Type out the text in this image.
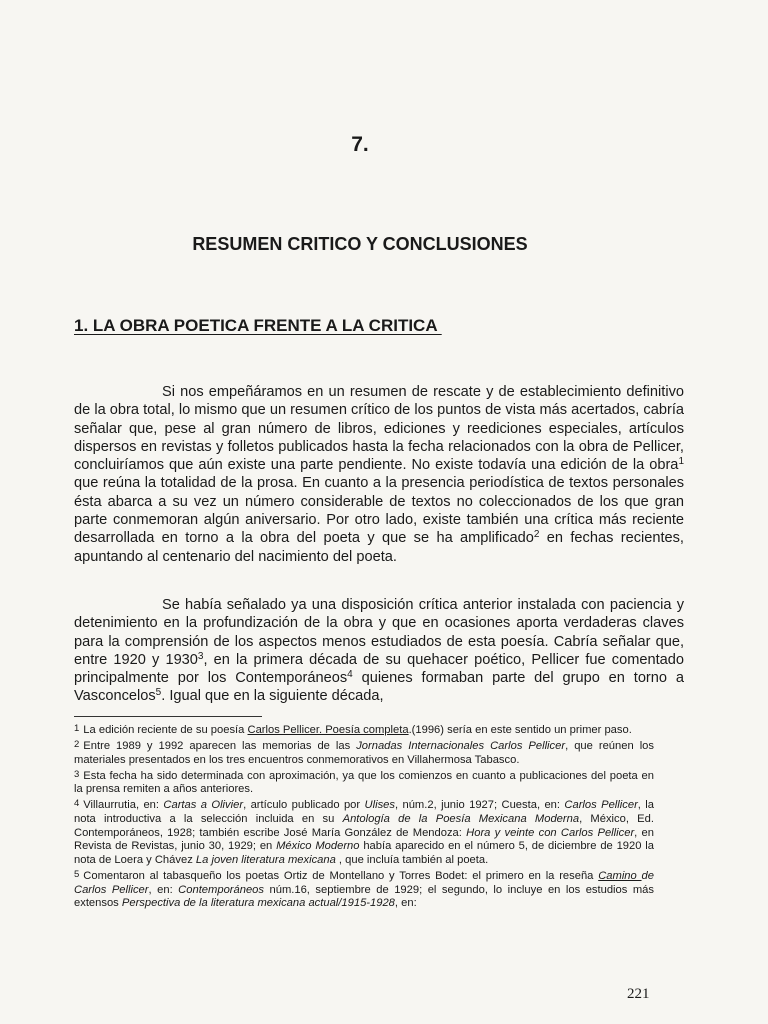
7.
RESUMEN CRITICO Y CONCLUSIONES
1. LA OBRA POETICA FRENTE A LA CRITICA

Si nos empeñáramos en un resumen de rescate y de establecimiento definitivo de la obra total, lo mismo que un resumen crítico de los puntos de vista más acertados, cabría señalar que, pese al gran número de libros, ediciones y reediciones especiales, artículos dispersos en revistas y folletos publicados hasta la fecha relacionados con la obra de Pellicer, concluiríamos que aún existe una parte pendiente. No existe todavía una edición de la obra$^1$ que reúna la totalidad de la prosa. En cuanto a la presencia periodística de textos personales ésta abarca a su vez un número considerable de textos no coleccionados de los que gran parte conmemoran algún aniversario. Por otro lado, existe también una crítica más reciente desarrollada en torno a la obra del poeta y que se ha amplificado$^2$ en fechas recientes, apuntando al centenario del nacimiento del poeta.

Se había señalado ya una disposición crítica anterior instalada con paciencia y detenimiento en la profundización de la obra y que en ocasiones aporta verdaderas claves para la comprensión de los aspectos menos estudiados de esta poesía. Cabría señalar que, entre 1920 y 1930$^3$, en la primera década de su quehacer poético, Pellicer fue comentado principalmente por los Contemporáneos$^4$ quienes formaban parte del grupo en torno a Vasconcelos$^5$. Igual que en la siguiente década,

1 La edición reciente de su poesía Carlos Pellicer. Poesía completa.(1996) sería en este sentido un primer paso.

2 Entre 1989 y 1992 aparecen las memorias de las Jornadas Internacionales Carlos Pellicer, que reúnen los materiales presentados en los tres encuentros conmemorativos en Villahermosa Tabasco.

3 Esta fecha ha sido determinada con aproximación, ya que los comienzos en cuanto a publicaciones del poeta en la prensa remiten a años anteriores.

4 Villaurrutia, en: Cartas a Olivier, artículo publicado por Ulises, núm.2, junio 1927; Cuesta, en: Carlos Pellicer, la nota introductiva a la selección incluida en su Antología de la Poesía Mexicana Moderna, México, Ed. Contemporáneos, 1928; también escribe José María González de Mendoza: Hora y veinte con Carlos Pellicer, en Revista de Revistas, junio 30, 1929; en México Moderno había aparecido en el número 5, de diciembre de 1920 la nota de Loera y Chávez La joven literatura mexicana , que incluía también al poeta.

5 Comentaron al tabasqueño los poetas Ortiz de Montellano y Torres Bodet: el primero en la reseña Camino de Carlos Pellicer, en: Contemporáneos núm.16, septiembre de 1929; el segundo, lo incluye en los estudios más extensos Perspectiva de la literatura mexicana actual/1915-1928, en:

221
